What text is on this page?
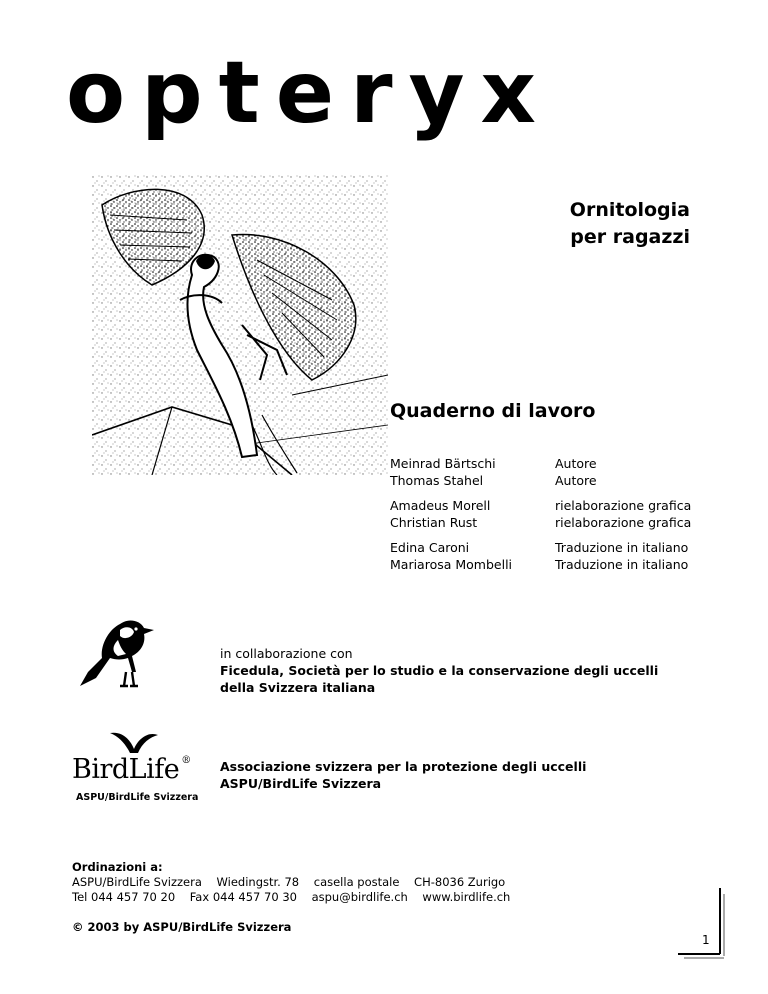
opteryx
Ornitologia
per ragazzi
Quaderno di lavoro
Meinrad Bärtschi
Thomas Stahel
Autore
Autore
Amadeus Morell
Christian Rust
rielaborazione grafica
rielaborazione grafica
Edina Caroni
Mariarosa Mombelli
Traduzione in italiano
Traduzione in italiano
in collaborazione con
Ficedula, Società per lo studio e la conservazione degli uccelli
della Svizzera italiana
BirdLife ®
ASPU/BirdLife Svizzera
Associazione svizzera per la protezione degli uccelli
ASPU/BirdLife Svizzera
Ordinazioni a:
ASPU/BirdLife Svizzera    Wiedingstr. 78    casella postale    CH-8036 Zurigo
Tel 044 457 70 20    Fax 044 457 70 30    aspu@birdlife.ch    www.birdlife.ch
© 2003 by ASPU/BirdLife Svizzera
1
